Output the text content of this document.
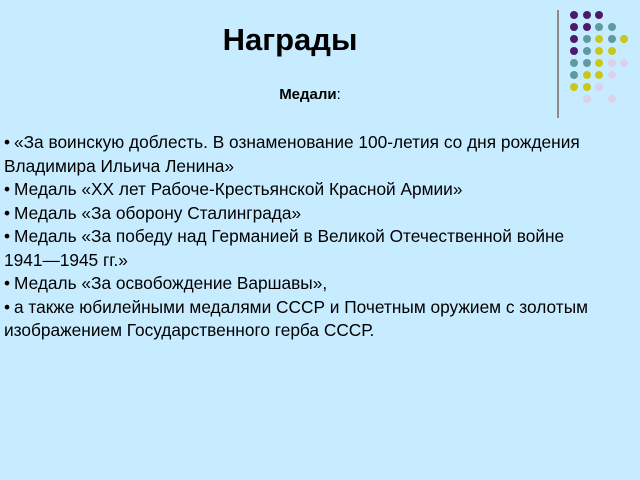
Награды
Медали:

• «За воинскую доблесть. В ознаменование 100-летия со дня рождения Владимира Ильича Ленина»

• Медаль «XX лет Рабоче-Крестьянской Красной Армии»

• Медаль «За оборону Сталинграда»

• Медаль «За победу над Германией в Великой Отечественной войне 1941—1945 гг.»

• Медаль «За освобождение Варшавы»,

• а также юбилейными медалями СССР и Почетным оружием с золотым изображением Государственного герба СССР.
